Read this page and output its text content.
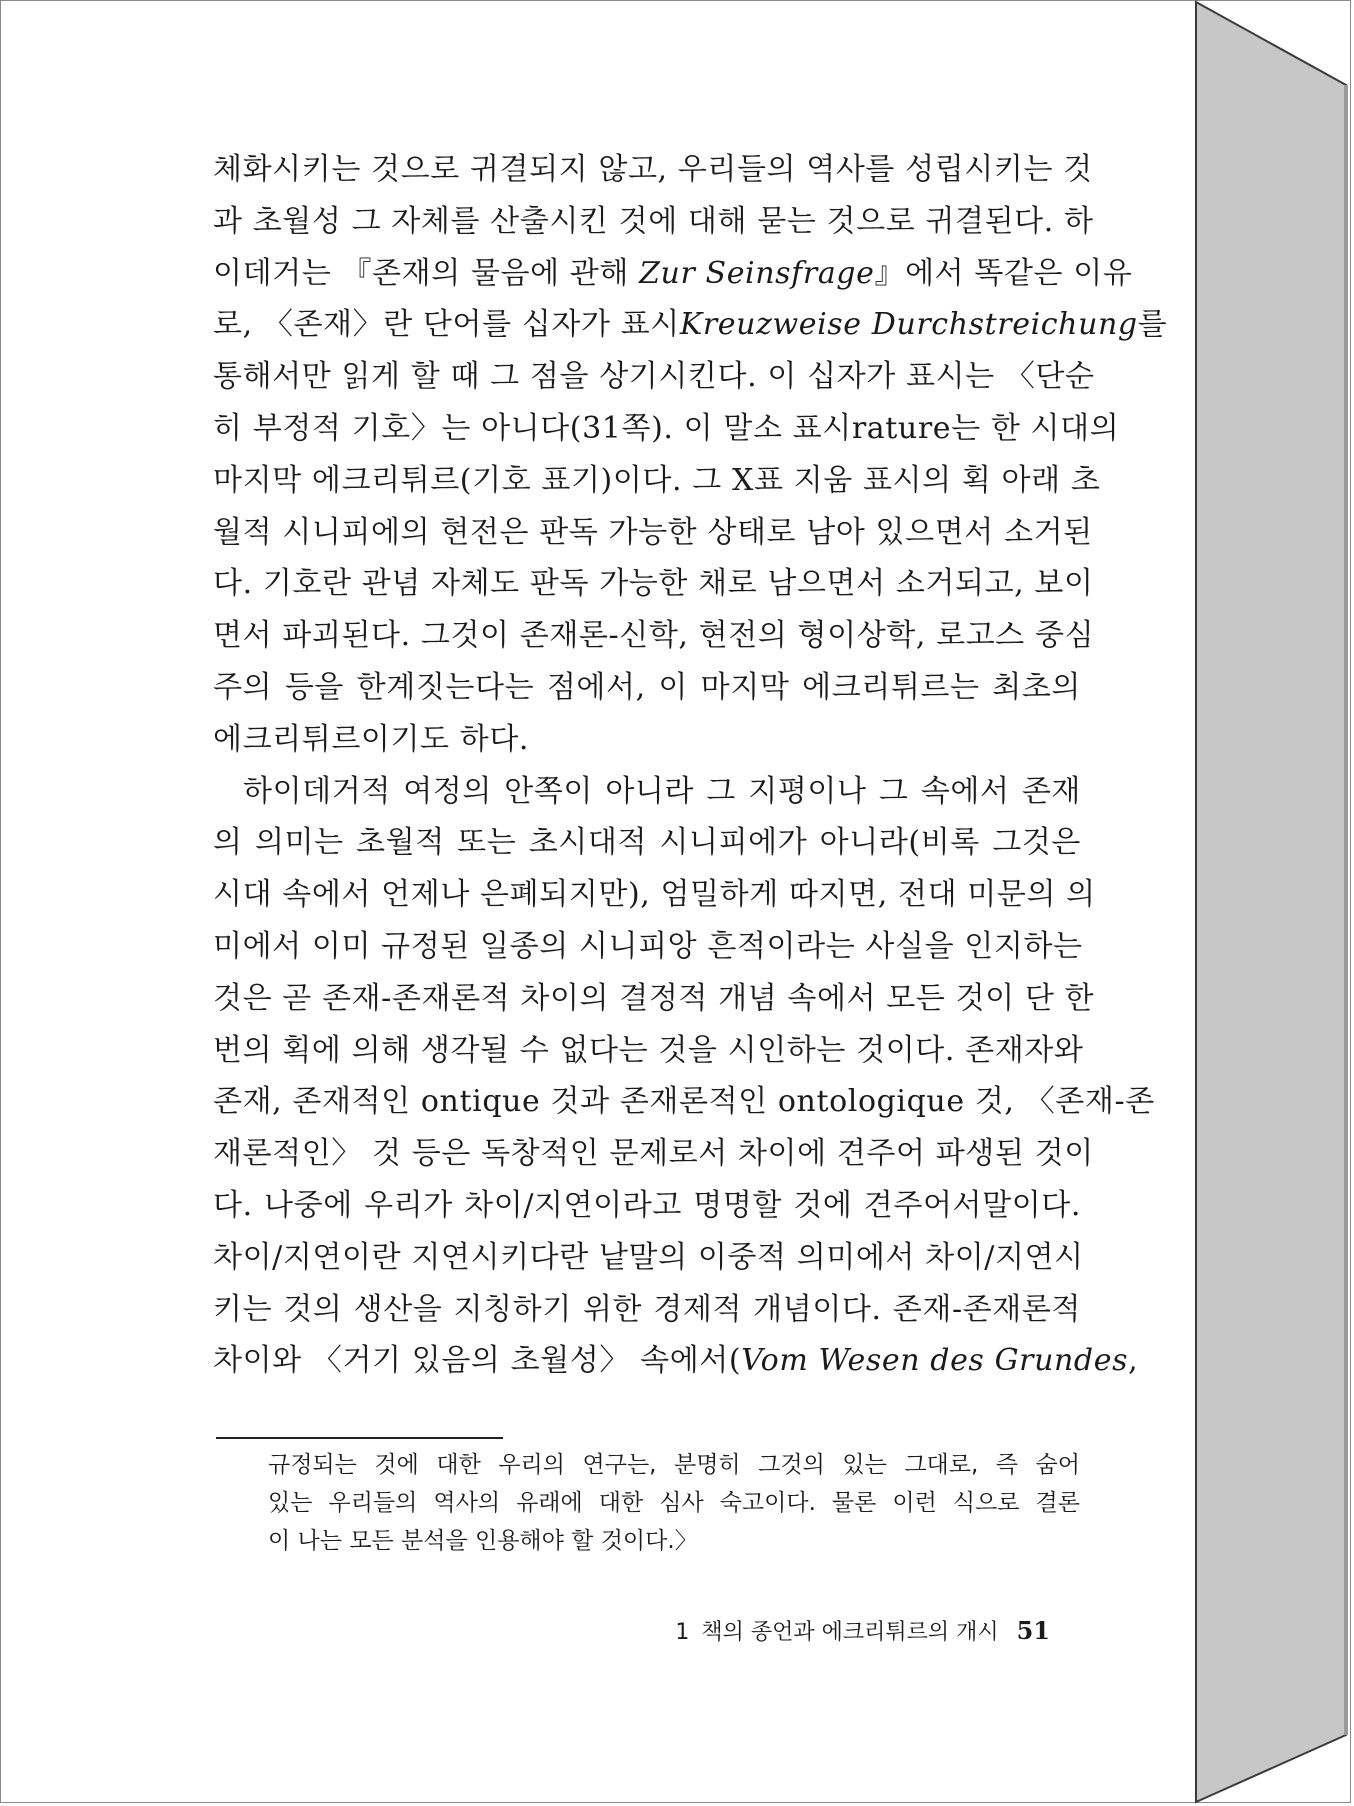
체화시키는 것으로 귀결되지 않고, 우리들의 역사를 성립시키는 것
과 초월성 그 자체를 산출시킨 것에 대해 묻는 것으로 귀결된다. 하
이데거는 『존재의 물음에 관해 Zur Seinsfrage』에서 똑같은 이유
로, 〈존재〉란 단어를 십자가 표시Kreuzweise Durchstreichung
통해서만 읽게 할 때 그 점을 상기시킨다. 이 십자가 표시는 〈단순
히 부정적 기호〉는 아니다(31쪽). 이 말소 표시rature는 한 시대의
마지막 에크리튀르(기호 표기)이다. 그 X표 지움 표시의 획 아래 초
월적 시니피에의 현전은 판독 가능한 상태로 남아 있으면서 소거된
다. 기호란 관념 자체도 판독 가능한 채로 남으면서 소거되고, 보이
면서 파괴된다. 그것이 존재론-신학, 현전의 형이상학, 로고스 중심
주의 등을 한계짓는다는 점에서, 이 마지막 에크리튀르는 최초의
에크리튀르이기도 하다.
하이데거적 여정의 안쪽이 아니라 그 지평이나 그 속에서 존재
의 의미는 초월적 또는 초시대적 시니피에가 아니라(비록 그것은
시대 속에서 언제나 은폐되지만), 엄밀하게 따지면, 전대 미문의 의
미에서 이미 규정된 일종의 시니피앙 흔적이라는 사실을 인지하는
것은 곧 존재-존재론적 차이의 결정적 개념 속에서 모든 것이 단 한
번의 획에 의해 생각될 수 없다는 것을 시인하는 것이다. 존재자와
존재, 존재적인 ontique 것과 존재론적인 ontologique 것, 〈존재-존
재론적인〉 것 등은 독창적인 문제로서 차이에 견주어 파생된 것이
다. 나중에 우리가 차이/지연이라고 명명할 것에 견주어서말이다.
차이/지연이란 지연시키다란 낱말의 이중적 의미에서 차이/지연시
키는 것의 생산을 지칭하기 위한 경제적 개념이다. 존재-존재론적
차이와 〈거기 있음의 초월성〉 속에서(Vom Wesen des Grundes
규정되는 것에 대한 우리의 연구는, 분명히 그것의 있는 그대로, 즉 숨어
있는 우리들의 역사의 유래에 대한 심사 숙고이다. 물론 이런 식으로 결론
이 나는 모든 분석을 인용해야 할 것이다.〉
1 책의 종언과 에크리튀르의 개시 51
